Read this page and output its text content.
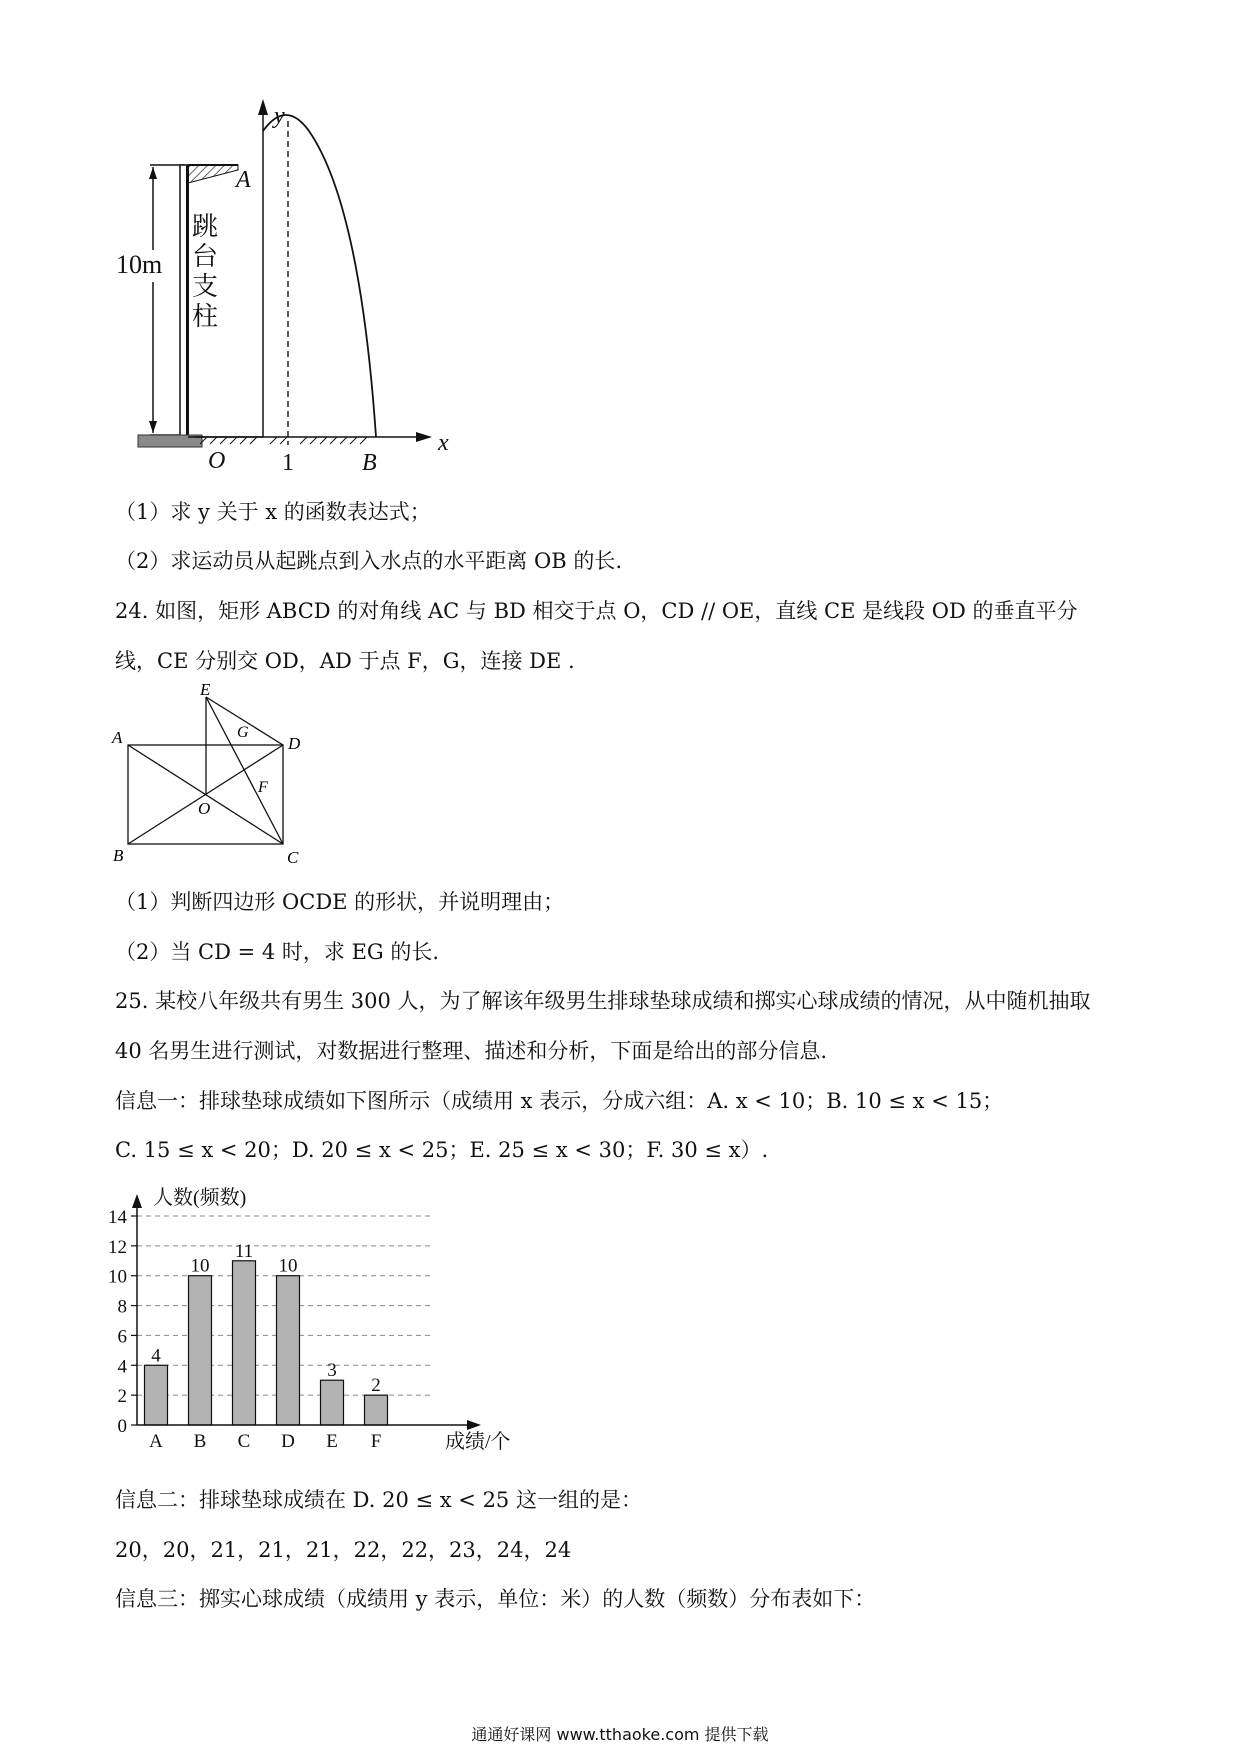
10m
跳
台
支
柱
y
x
A
O 1	B
（1）求 y 关于 x 的函数表达式；
（2）求运动员从起跳点到入水点的水平距离 OB 的长.
24. 如图，矩形 ABCD 的对角线 AC 与 BD 相交于点 O，CD // OE，直线 CE 是线段 OD 的垂直平分
线，CE 分别交 OD，AD 于点 F，G，连接 DE .
A
B	C
D
E
G
F
O
（1）判断四边形 OCDE 的形状，并说明理由；
（2）当 CD = 4 时，求 EG 的长.
25. 某校八年级共有男生 300 人，为了解该年级男生排球垫球成绩和掷实心球成绩的情况，从中随机抽取
40 名男生进行测试，对数据进行整理、描述和分析，下面是给出的部分信息.
信息一：排球垫球成绩如下图所示（成绩用 x 表示，分成六组：A. x < 10；B. 10 ≤ x < 15；
C. 15 ≤ x < 20；D. 20 ≤ x < 25；E. 25 ≤ x < 30；F. 30 ≤ x）.
0
2
4
6
8
10
12
14
4
A
10
B
11
C
10
D
3
E
2
F
人数(频数)
成绩/个
信息二：排球垫球成绩在 D. 20 ≤ x < 25 这一组的是：
20，20，21，21，21，22，22，23，24，24
信息三：掷实心球成绩（成绩用 y 表示，单位：米）的人数（频数）分布表如下：
通通好课网 www.tthaoke.com 提供下载
